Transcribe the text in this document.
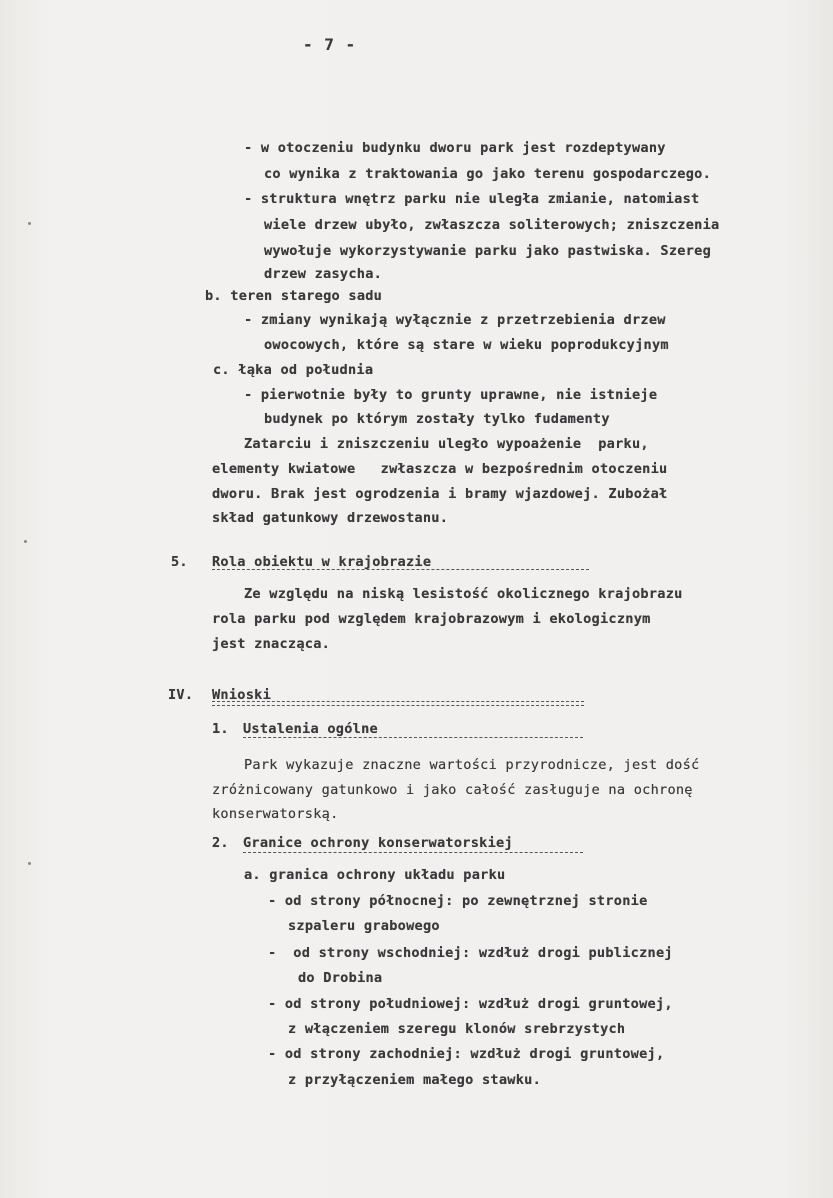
- 7 -
- w otoczeniu budynku dworu park jest rozdeptywany
co wynika z traktowania go jako terenu gospodarczego.
- struktura wnętrz parku nie uległa zmianie, natomiast
wiele drzew ubyło, zwłaszcza soliterowych; zniszczenia
wywołuje wykorzystywanie parku jako pastwiska. Szereg
drzew zasycha.
b. teren starego sadu
- zmiany wynikają wyłącznie z przetrzebienia drzew
owocowych, które są stare w wieku poprodukcyjnym
c. łąka od południa
- pierwotnie były to grunty uprawne, nie istnieje
budynek po którym zostały tylko fudamenty
Zatarciu i zniszczeniu uległo wypoażenie  parku,
elementy kwiatowe   zwłaszcza w bezpośrednim otoczeniu
dworu. Brak jest ogrodzenia i bramy wjazdowej. Zubożał
skład gatunkowy drzewostanu.
5. Rola obiektu w krajobrazie
Ze względu na niską lesistość okolicznego krajobrazu
rola parku pod względem krajobrazowym i ekologicznym
jest znacząca.
IV. Wnioski
1. Ustalenia ogólne
Park wykazuje znaczne wartości przyrodnicze, jest dość
zróżnicowany gatunkowo i jako całość zasługuje na ochronę
konserwatorską.
2. Granice ochrony konserwatorskiej
a. granica ochrony układu parku
- od strony północnej: po zewnętrznej stronie
szpaleru grabowego
-  od strony wschodniej: wzdłuż drogi publicznej
do Drobina
- od strony południowej: wzdłuż drogi gruntowej,
z włączeniem szeregu klonów srebrzystych
- od strony zachodniej: wzdłuż drogi gruntowej,
z przyłączeniem małego stawku.
